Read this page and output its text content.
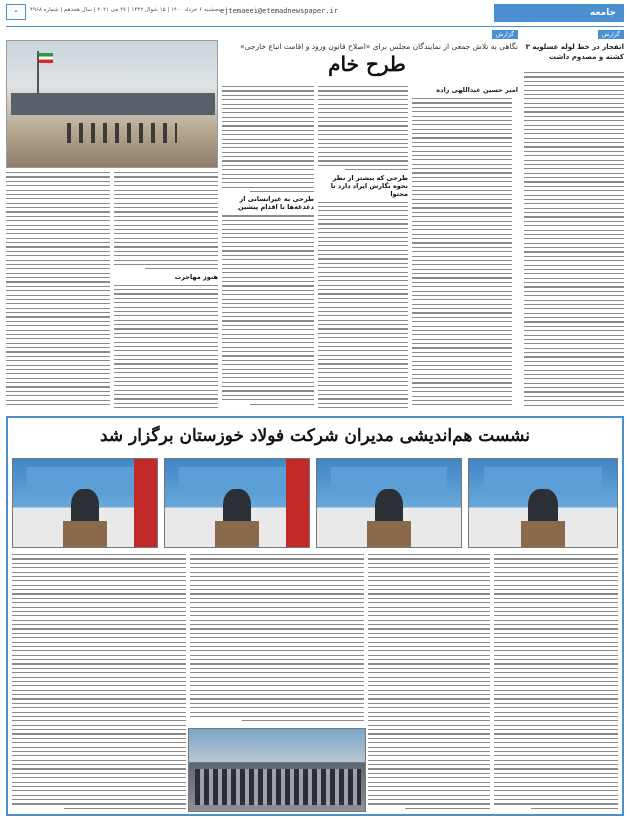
جامعه
ejtemaeei@etemadnewspaper.ir
پنجشنبه ۶ خرداد ۱۴۰۰ | ۱۵ شوال ۱۴۴۲ | ۲۷ می ۲۰۲۱ | سال هجدهم | شماره ۴۹۶۸
✦
گزارش
انفجار در خط لوله عسلویه ۳ کشته و مصدوم داشت
گزارش
نگاهی به تلاش جمعی از نمایندگان مجلس برای «اصلاح قانون ورود و اقامت اتباع خارجی»
طرح خام
امیر حسین عبداللهی زاده
طرحی که بیشتر از نظر نحوه نگارش ایراد دارد تا محتوا
طرحی به غیرانسانی از دغدغه‌ها تا اقدام پیشین
هنوز مهاجرت
نشست هم‌اندیشی مدیران شرکت فولاد خوزستان برگزار شد
